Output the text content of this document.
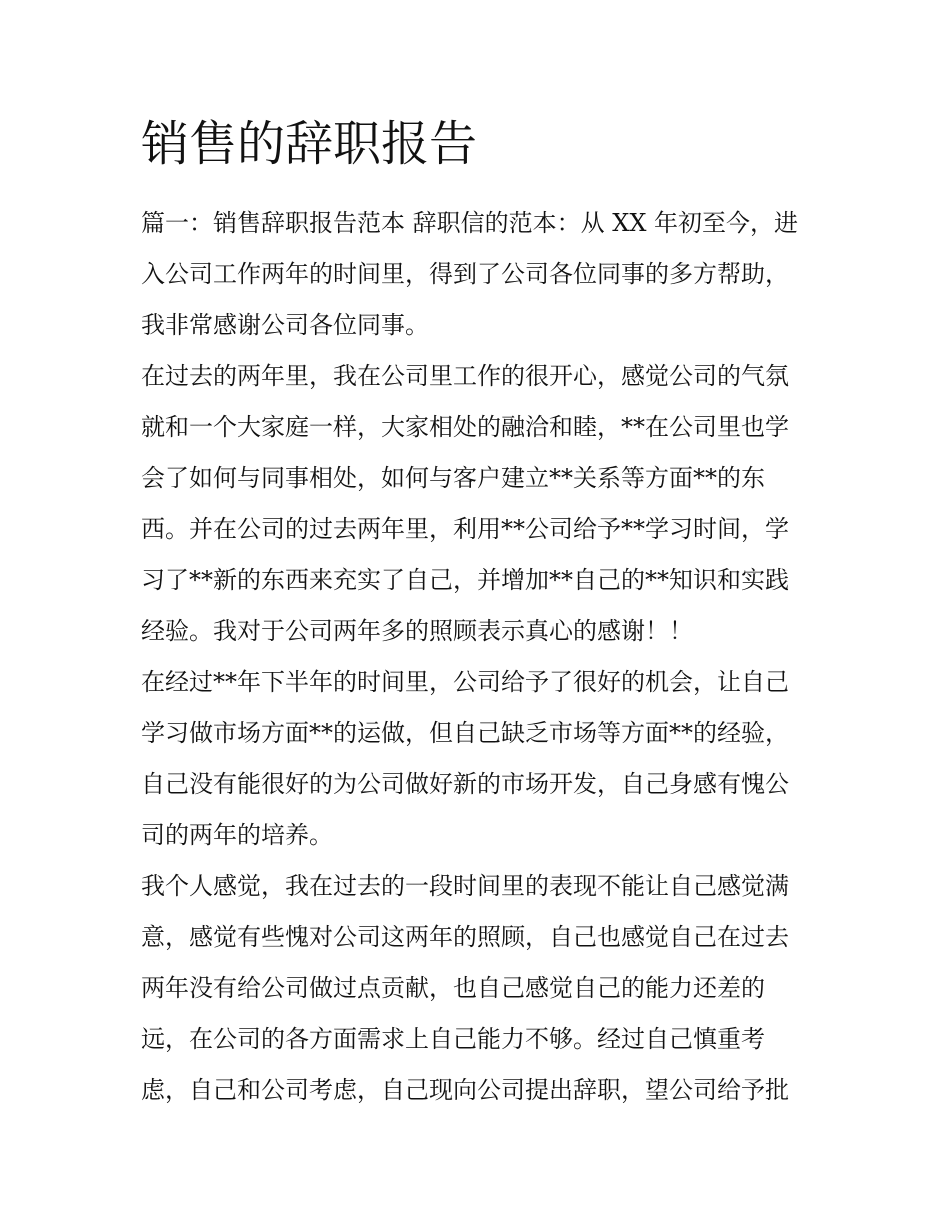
销售的辞职报告

篇一：销售辞职报告范本 辞职信的范本：从 XX 年初至今，进

入公司工作两年的时间里，得到了公司各位同事的多方帮助，

我非常感谢公司各位同事。

在过去的两年里，我在公司里工作的很开心，感觉公司的气氛

就和一个大家庭一样，大家相处的融洽和睦，**在公司里也学

会了如何与同事相处，如何与客户建立**关系等方面**的东

西。并在公司的过去两年里，利用**公司给予**学习时间，学

习了**新的东西来充实了自己，并增加**自己的**知识和实践

经验。我对于公司两年多的照顾表示真心的感谢！！

在经过**年下半年的时间里，公司给予了很好的机会，让自己

学习做市场方面**的运做，但自己缺乏市场等方面**的经验，

自己没有能很好的为公司做好新的市场开发，自己身感有愧公

司的两年的培养。

我个人感觉，我在过去的一段时间里的表现不能让自己感觉满

意，感觉有些愧对公司这两年的照顾，自己也感觉自己在过去

两年没有给公司做过点贡献，也自己感觉自己的能力还差的

远，在公司的各方面需求上自己能力不够。经过自己慎重考

虑，自己和公司考虑，自己现向公司提出辞职，望公司给予批
